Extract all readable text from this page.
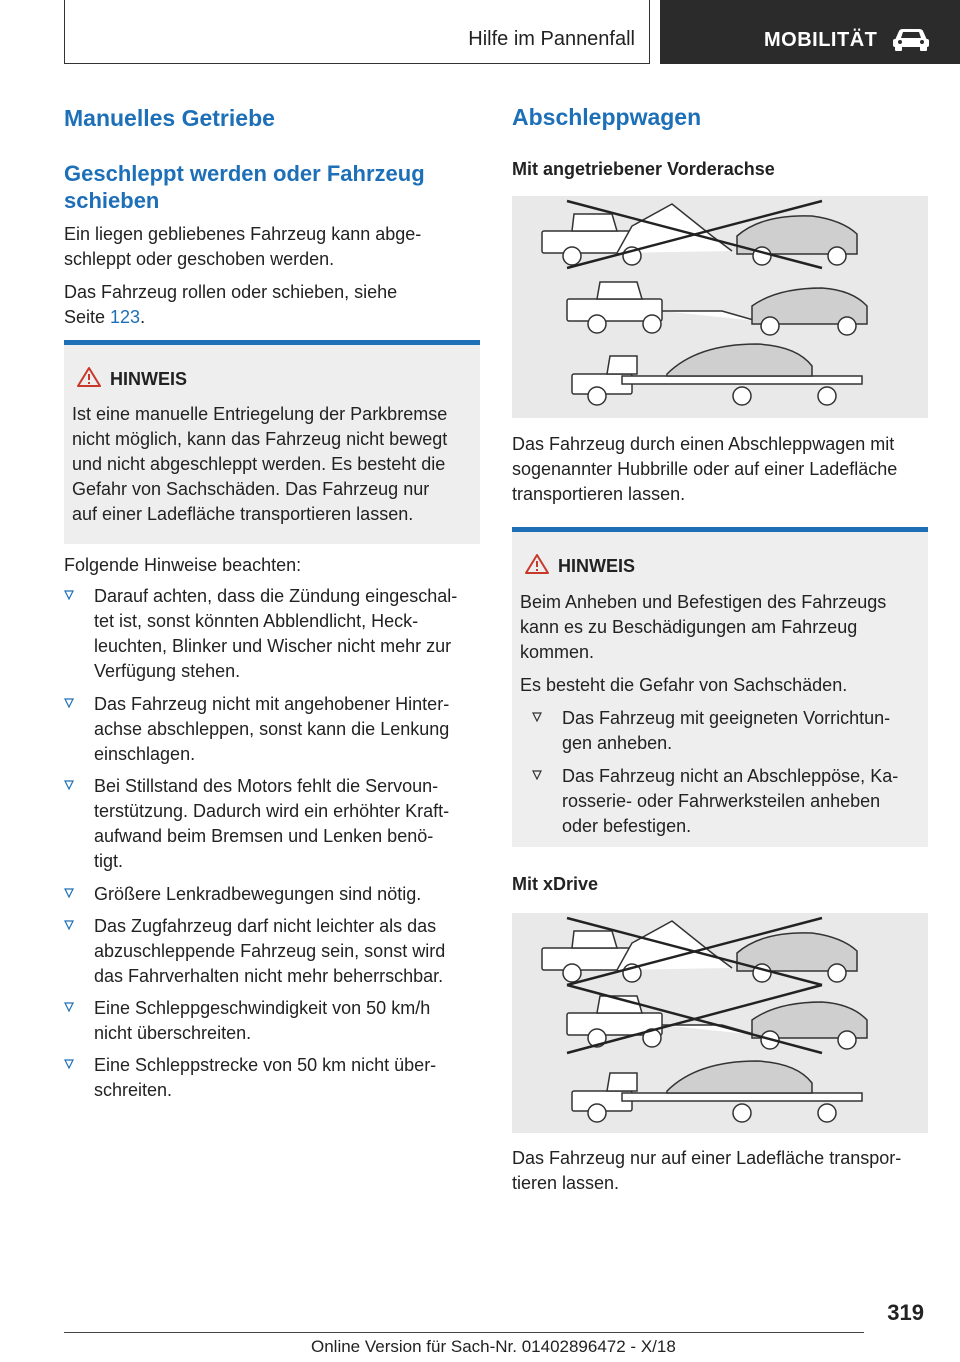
Hilfe im Pannenfall	MOBILITÄT
Manuelles Getriebe
Geschleppt werden oder Fahrzeug
schieben
Ein liegen gebliebenes Fahrzeug kann abge‐
schleppt oder geschoben werden.
Das Fahrzeug rollen oder schieben, siehe
Seite 123.
HINWEIS
Ist eine manuelle Entriegelung der Parkbremse
nicht möglich, kann das Fahrzeug nicht bewegt
und nicht abgeschleppt werden. Es besteht die
Gefahr von Sachschäden. Das Fahrzeug nur
auf einer Ladefläche transportieren lassen.
Folgende Hinweise beachten:
Darauf achten, dass die Zündung eingeschal‐
tet ist, sonst könnten Abblendlicht, Heck‐
leuchten, Blinker und Wischer nicht mehr zur
Verfügung stehen.
Das Fahrzeug nicht mit angehobener Hinter‐
achse abschleppen, sonst kann die Lenkung
einschlagen.
Bei Stillstand des Motors fehlt die Servoun‐
terstützung. Dadurch wird ein erhöhter Kraft‐
aufwand beim Bremsen und Lenken benö‐
tigt.
Größere Lenkradbewegungen sind nötig.
Das Zugfahrzeug darf nicht leichter als das
abzuschleppende Fahrzeug sein, sonst wird
das Fahrverhalten nicht mehr beherrschbar.
Eine Schleppgeschwindigkeit von 50 km/h
nicht überschreiten.
Eine Schleppstrecke von 50 km nicht über‐
schreiten.
Abschleppwagen
Mit angetriebener Vorderachse
Das Fahrzeug durch einen Abschleppwagen mit
sogenannter Hubbrille oder auf einer Ladefläche
transportieren lassen.
HINWEIS
Beim Anheben und Befestigen des Fahrzeugs
kann es zu Beschädigungen am Fahrzeug
kommen.
Es besteht die Gefahr von Sachschäden.
Das Fahrzeug mit geeigneten Vorrichtun‐
gen anheben.
Das Fahrzeug nicht an Abschleppöse, Ka‐
rosserie- oder Fahrwerksteilen anheben
oder befestigen.
Mit xDrive
Das Fahrzeug nur auf einer Ladefläche transpor‐
tieren lassen.
319
Online Version für Sach-Nr. 01402896472 - X/18
